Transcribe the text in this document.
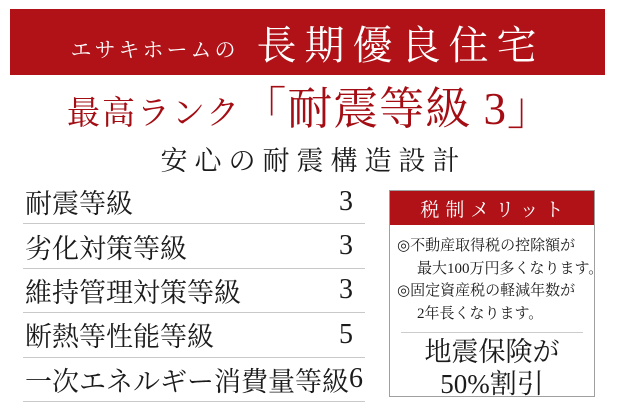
エサキホームの 長期優良住宅
最高ランク「耐震等級 3」
安心の耐震構造設計
耐震等級	3
劣化対策等級	3
維持管理対策等級	3
断熱等性能等級	5
一次エネルギー消費量等級 6
税制メリット
◎不動産取得税の控除額が
最大100万円多くなります。
◎固定資産税の軽減年数が
2年長くなります。
地震保険が
50%割引
